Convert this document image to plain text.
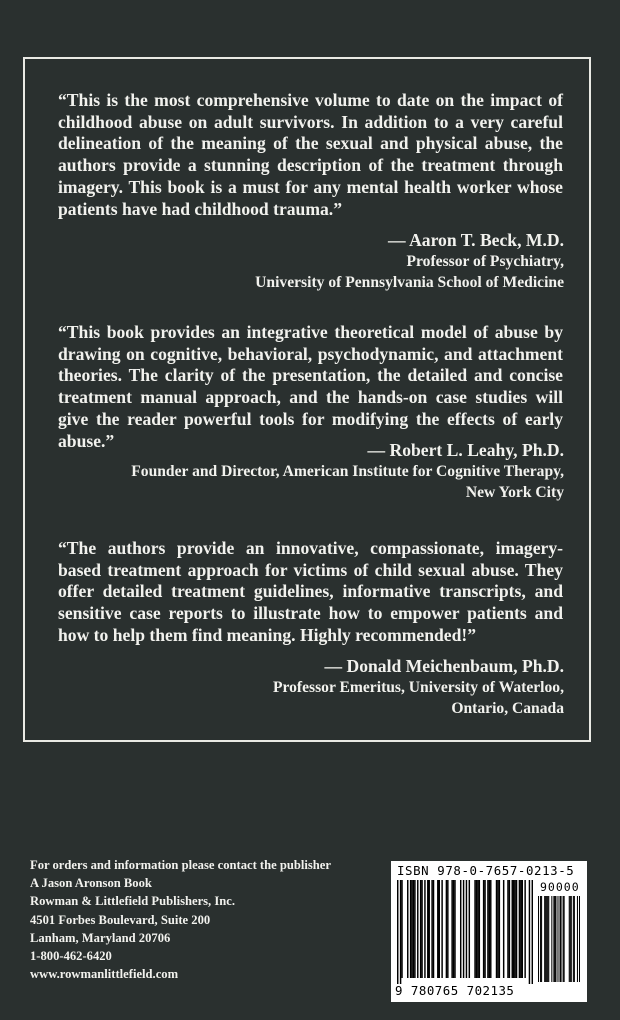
“This is the most comprehensive volume to date on the impact of childhood abuse on adult survivors. In addition to a very careful delineation of the meaning of the sexual and physical abuse, the authors provide a stunning description of the treatment through imagery. This book is a must for any mental health worker whose patients have had childhood trauma.”
— Aaron T. Beck, M.D.
Professor of Psychiatry,
University of Pennsylvania School of Medicine
“This book provides an integrative theoretical model of abuse by drawing on cognitive, behavioral, psychodynamic, and attachment theories. The clarity of the presentation, the detailed and concise treatment manual approach, and the hands-on case studies will give the reader powerful tools for modifying the effects of early abuse.”	— Robert L. Leahy, Ph.D.
Founder and Director, American Institute for Cognitive Therapy,
New York City
“The authors provide an innovative, compassionate, imagery-based treatment approach for victims of child sexual abuse. They offer detailed treatment guidelines, informative transcripts, and sensitive case reports to illustrate how to empower patients and how to help them find meaning. Highly recommended!”
— Donald Meichenbaum, Ph.D.
Professor Emeritus, University of Waterloo,
Ontario, Canada
For orders and information please contact the publisher
A Jason Aronson Book
Rowman & Littlefield Publishers, Inc.
4501 Forbes Boulevard, Suite 200
Lanham, Maryland 20706
1-800-462-6420
www.rowmanlittlefield.com
ISBN 978-0-7657-0213-5
90000
9 780765 702135
